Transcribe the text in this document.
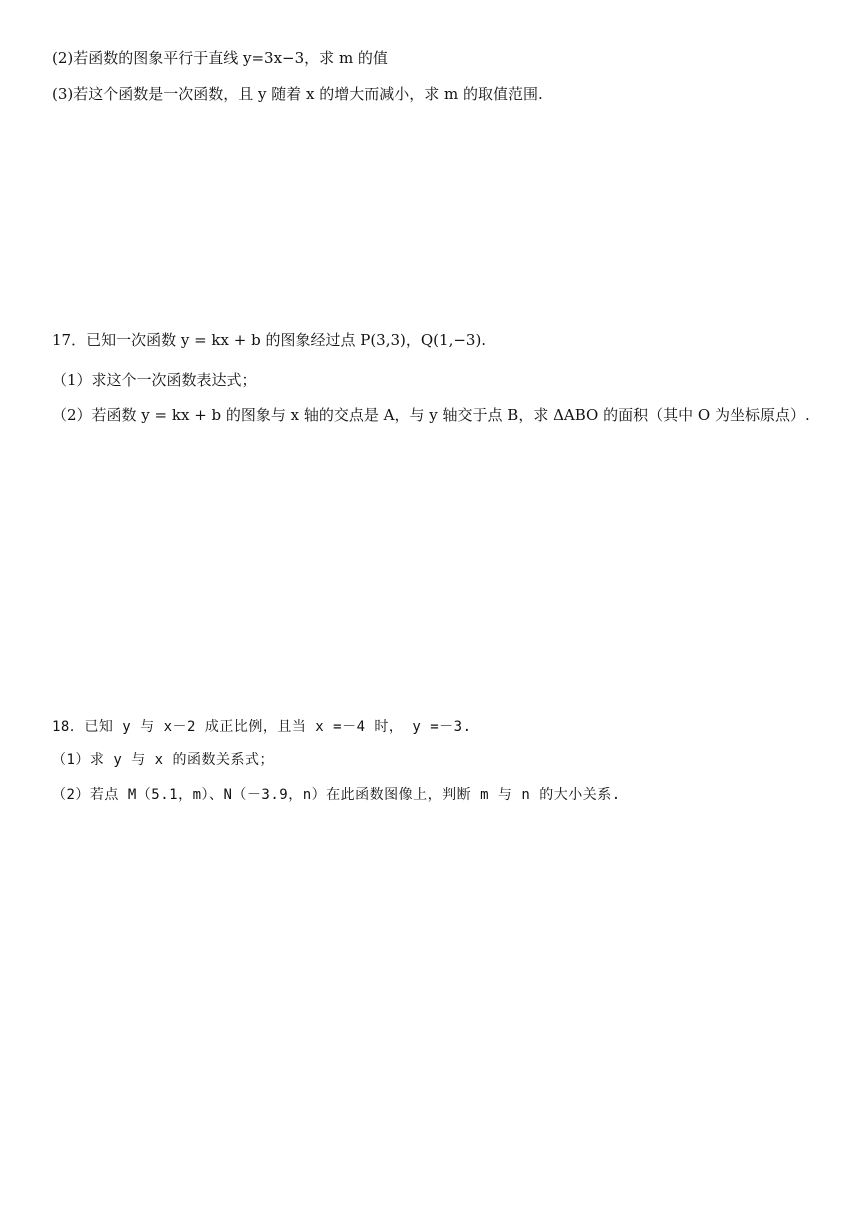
(2)若函数的图象平行于直线 y=3x−3，求 m 的值
(3)若这个函数是一次函数，且 y 随着 x 的增大而减小，求 m 的取值范围.
17．已知一次函数 y = kx + b 的图象经过点 P(3,3)，Q(1,−3).
（1）求这个一次函数表达式；
（2）若函数 y = kx + b 的图象与 x 轴的交点是 A，与 y 轴交于点 B，求 ΔABO 的面积（其中 O 为坐标原点）.
18．已知 y 与 x－2 成正比例，且当 x =－4 时， y =－3.
（1）求 y 与 x 的函数关系式；
（2）若点 M（5.1，m）、N（－3.9，n）在此函数图像上，判断 m 与 n 的大小关系.
